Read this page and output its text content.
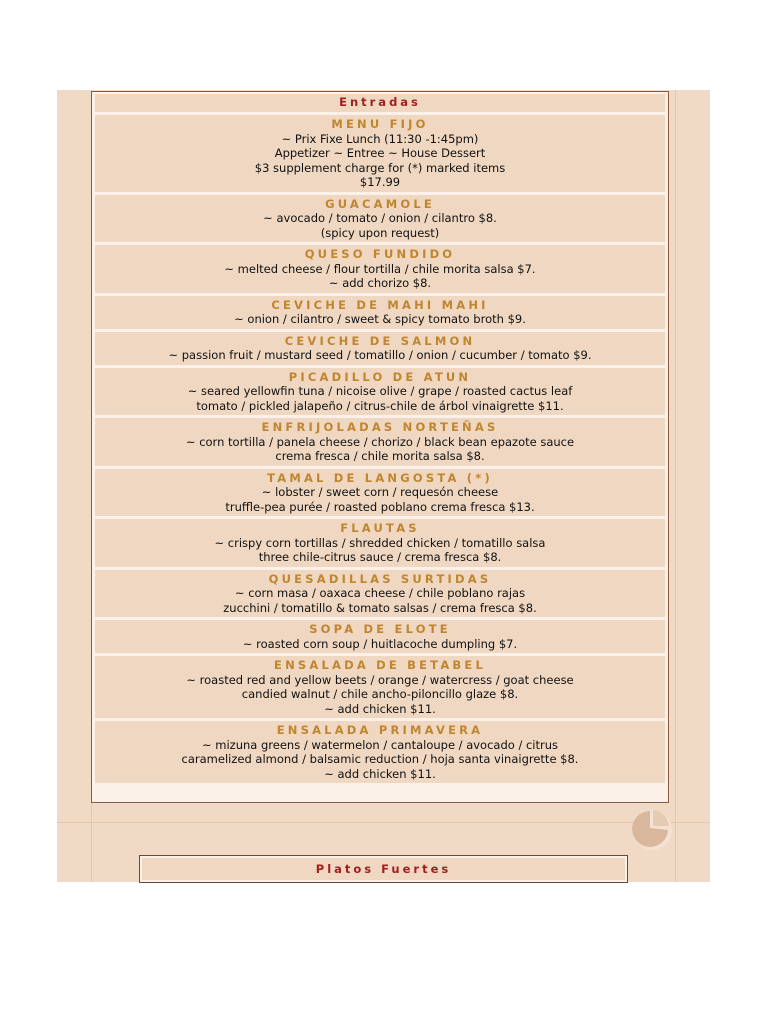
Entradas
MENU FIJO
~ Prix Fixe Lunch (11:30 -1:45pm)
Appetizer ~ Entree ~ House Dessert
$3 supplement charge for (*) marked items
$17.99
GUACAMOLE
~ avocado / tomato / onion / cilantro $8.
(spicy upon request)
QUESO FUNDIDO
~ melted cheese / flour tortilla / chile morita salsa $7.
~ add chorizo $8.
CEVICHE DE MAHI MAHI
~ onion / cilantro / sweet & spicy tomato broth $9.
CEVICHE DE SALMON
~ passion fruit / mustard seed / tomatillo / onion / cucumber / tomato $9.
PICADILLO DE ATUN
~ seared yellowfin tuna / nicoise olive / grape / roasted cactus leaf
tomato / pickled jalapeño / citrus-chile de árbol vinaigrette $11.
ENFRIJOLADAS NORTEÑAS
~ corn tortilla / panela cheese / chorizo / black bean epazote sauce
crema fresca / chile morita salsa $8.
TAMAL DE LANGOSTA (*)
~ lobster / sweet corn / requesón cheese
truffle-pea purée / roasted poblano crema fresca $13.
FLAUTAS
~ crispy corn tortillas / shredded chicken / tomatillo salsa
three chile-citrus sauce / crema fresca $8.
QUESADILLAS SURTIDAS
~ corn masa / oaxaca cheese / chile poblano rajas
zucchini / tomatillo & tomato salsas / crema fresca $8.
SOPA DE ELOTE
~ roasted corn soup / huitlacoche dumpling $7.
ENSALADA DE BETABEL
~ roasted red and yellow beets / orange / watercress / goat cheese
candied walnut / chile ancho-piloncillo glaze $8.
~ add chicken $11.
ENSALADA PRIMAVERA
~ mizuna greens / watermelon / cantaloupe / avocado / citrus
caramelized almond / balsamic reduction / hoja santa vinaigrette $8.
~ add chicken $11.
Platos Fuertes
